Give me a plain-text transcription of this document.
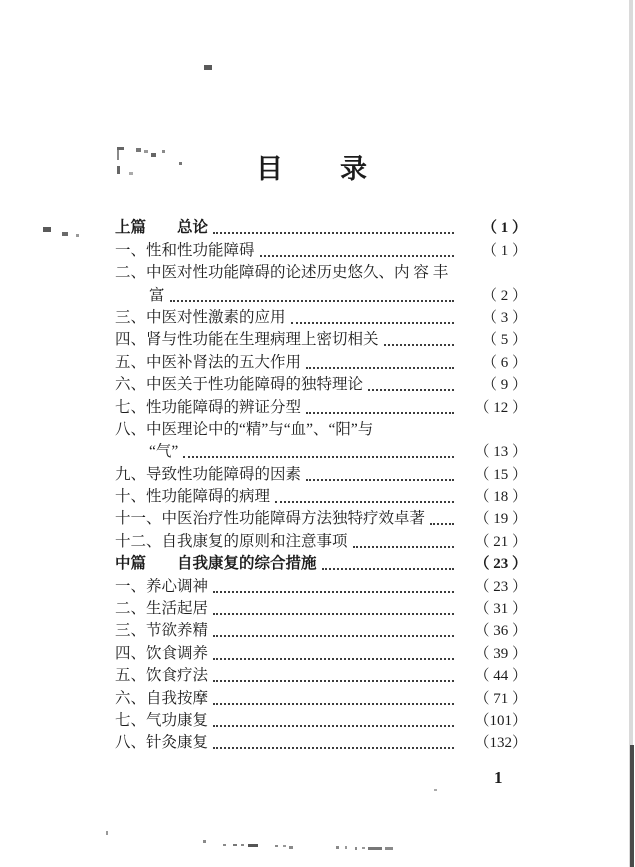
目　　录
上篇　　总论	（ 1 ）
一、性和性功能障碍	（ 1 ）
二、中医对性功能障碍的论述历史悠久、内 容 丰
富	（ 2 ）
三、中医对性激素的应用	（ 3 ）
四、肾与性功能在生理病理上密切相关	（ 5 ）
五、中医补肾法的五大作用	（ 6 ）
六、中医关于性功能障碍的独特理论	（ 9 ）
七、性功能障碍的辨证分型	（ 12 ）
八、中医理论中的“精”与“血”、“阳”与
“气”	（ 13 ）
九、导致性功能障碍的因素	（ 15 ）
十、性功能障碍的病理	（ 18 ）
十一、中医治疗性功能障碍方法独特疗效卓著	（ 19 ）
十二、自我康复的原则和注意事项	（ 21 ）
中篇　　自我康复的综合措施	（ 23 ）
一、养心调神	（ 23 ）
二、生活起居	（ 31 ）
三、节欲养精	（ 36 ）
四、饮食调养	（ 39 ）
五、饮食疗法	（ 44 ）
六、自我按摩	（ 71 ）
七、气功康复	（101）
八、针灸康复	（132）
1
